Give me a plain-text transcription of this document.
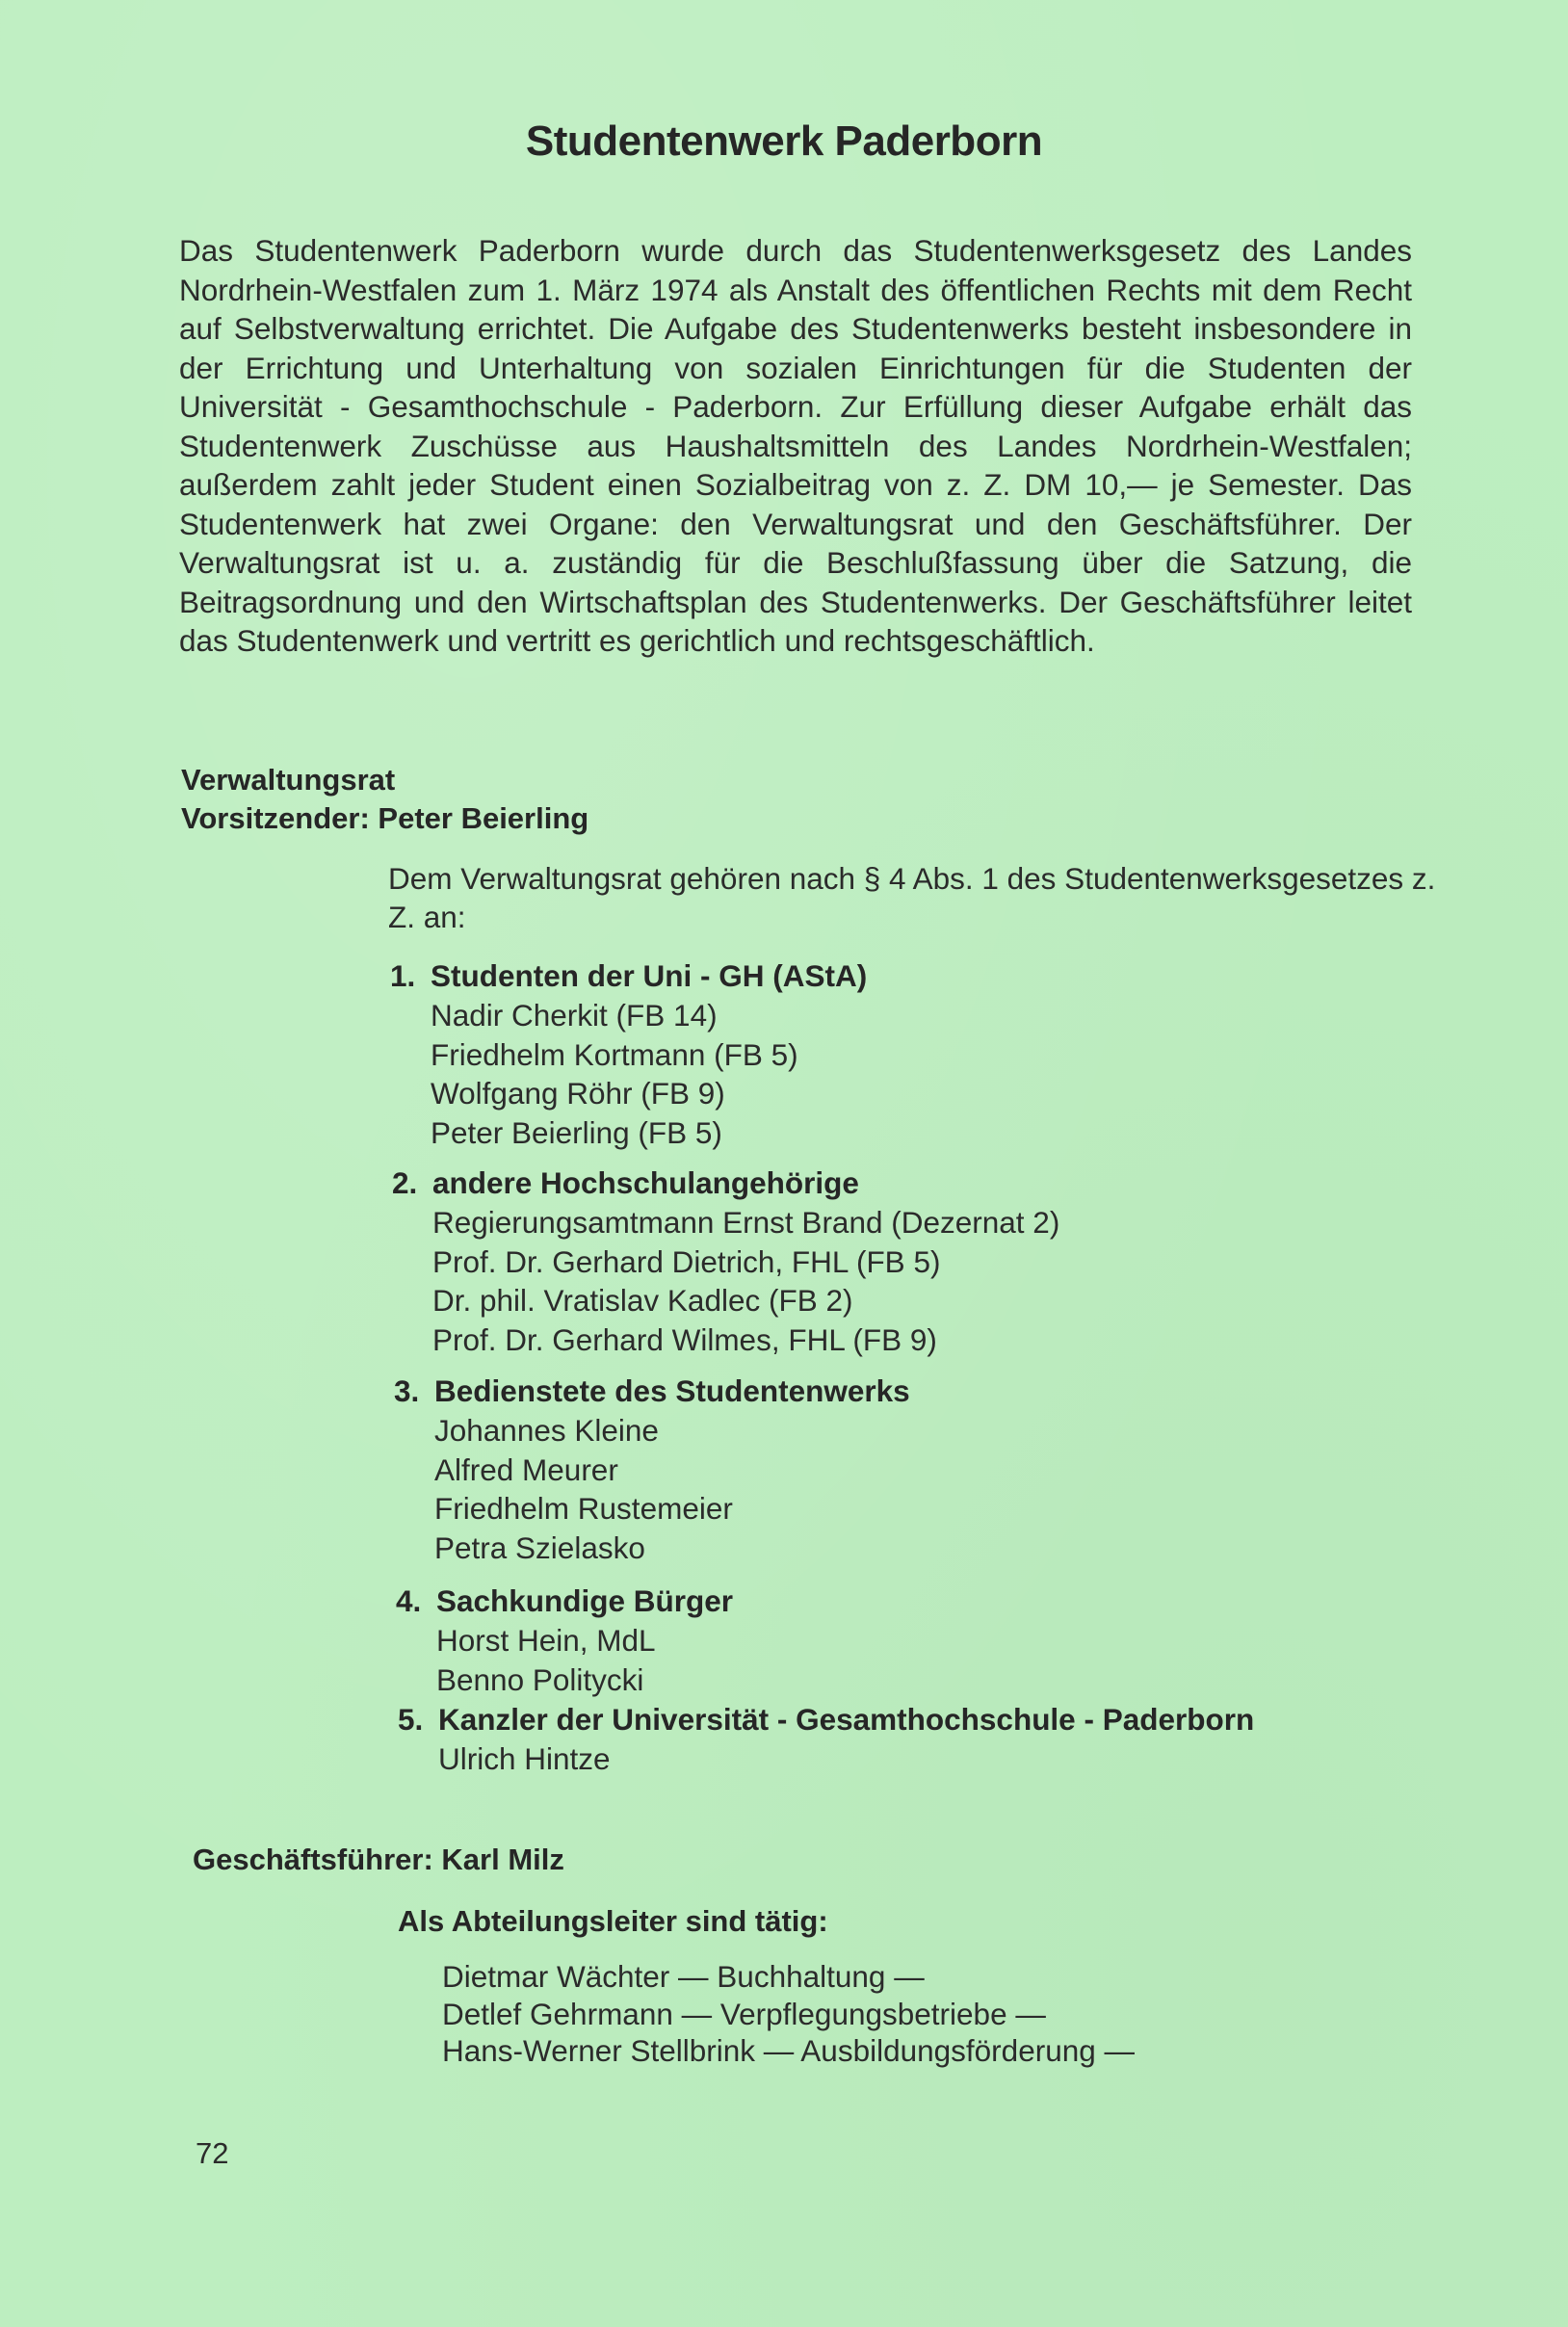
Studentenwerk Paderborn

Das Studentenwerk Paderborn wurde durch das Studentenwerksgesetz des Landes Nordrhein-Westfalen zum 1. März 1974 als Anstalt des öffentlichen Rechts mit dem Recht auf Selbstverwaltung errichtet. Die Aufgabe des Studentenwerks besteht insbesondere in der Errichtung und Unterhaltung von sozialen Einrichtungen für die Studenten der Universität - Gesamthochschule - Paderborn. Zur Erfüllung dieser Aufgabe erhält das Studentenwerk Zuschüsse aus Haushaltsmitteln des Landes Nordrhein-Westfalen; außerdem zahlt jeder Student einen Sozialbeitrag von z. Z. DM 10,— je Semester. Das Studentenwerk hat zwei Organe: den Verwaltungsrat und den Geschäftsführer. Der Verwaltungsrat ist u. a. zuständig für die Beschlußfassung über die Satzung, die Beitragsordnung und den Wirtschaftsplan des Studentenwerks. Der Geschäftsführer leitet das Studentenwerk und vertritt es gerichtlich und rechtsgeschäftlich.

Verwaltungsrat
Vorsitzender: Peter Beierling
Dem Verwaltungsrat gehören nach § 4 Abs. 1 des Studentenwerksgesetzes z. Z. an:
1. Studenten der Uni - GH (AStA)
Nadir Cherkit (FB 14)
Friedhelm Kortmann (FB 5)
Wolfgang Röhr (FB 9)
Peter Beierling (FB 5)
2. andere Hochschulangehörige
Regierungsamtmann Ernst Brand (Dezernat 2)
Prof. Dr. Gerhard Dietrich, FHL (FB 5)
Dr. phil. Vratislav Kadlec (FB 2)
Prof. Dr. Gerhard Wilmes, FHL (FB 9)
3. Bedienstete des Studentenwerks
Johannes Kleine
Alfred Meurer
Friedhelm Rustemeier
Petra Szielasko
4. Sachkundige Bürger
Horst Hein, MdL
Benno Politycki
5. Kanzler der Universität - Gesamthochschule - Paderborn
Ulrich Hintze
Geschäftsführer: Karl Milz
Als Abteilungsleiter sind tätig:
Dietmar Wächter — Buchhaltung —
Detlef Gehrmann — Verpflegungsbetriebe —
Hans-Werner Stellbrink — Ausbildungsförderung —
72
